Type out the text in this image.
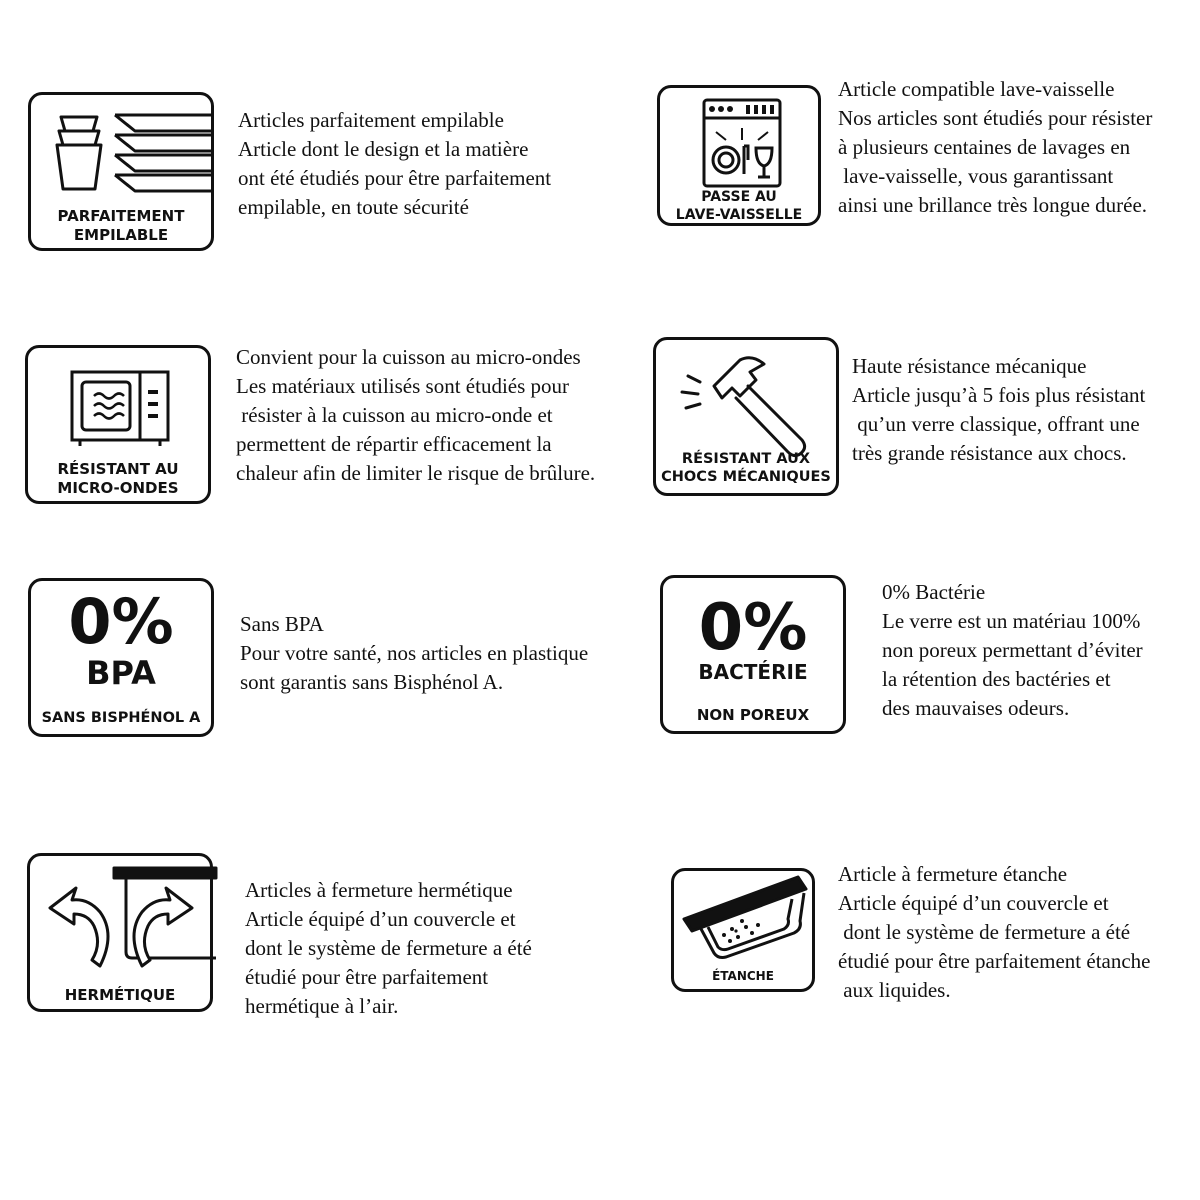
PARFAITEMENT
EMPILABLE
Articles parfaitement empilable
Article dont le design et la matière
ont été étudiés pour être parfaitement
empilable, en toute sécurité	PASSE AU
LAVE-VAISSELLE
Article compatible lave-vaisselle
Nos articles sont étudiés pour résister
à plusieurs centaines de lavages en
lave-vaisselle, vous garantissant
ainsi une brillance très longue durée.
RÉSISTANT AU
MICRO-ONDES
Convient pour la cuisson au micro-ondes
Les matériaux utilisés sont étudiés pour
résister à la cuisson au micro-onde et
permettent de répartir efficacement la
chaleur afin de limiter le risque de brûlure.
RÉSISTANT AUX
CHOCS MÉCANIQUES
Haute résistance mécanique
Article jusqu’à 5 fois plus résistant
qu’un verre classique, offrant une
très grande résistance aux chocs.
0%
BPA
SANS BISPHÉNOL A
Sans BPA
Pour votre santé, nos articles en plastique
sont garantis sans Bisphénol A.
0%
BACTÉRIE
NON POREUX
0% Bactérie
Le verre est un matériau 100%
non poreux permettant d’éviter
la rétention des bactéries et
des mauvaises odeurs.
HERMÉTIQUE
Articles à fermeture hermétique
Article équipé d’un couvercle et
dont le système de fermeture a été
étudié pour être parfaitement
hermétique à l’air.
ÉTANCHE
Article à fermeture étanche
Article équipé d’un couvercle et
dont le système de fermeture a été
étudié pour être parfaitement étanche
aux liquides.
